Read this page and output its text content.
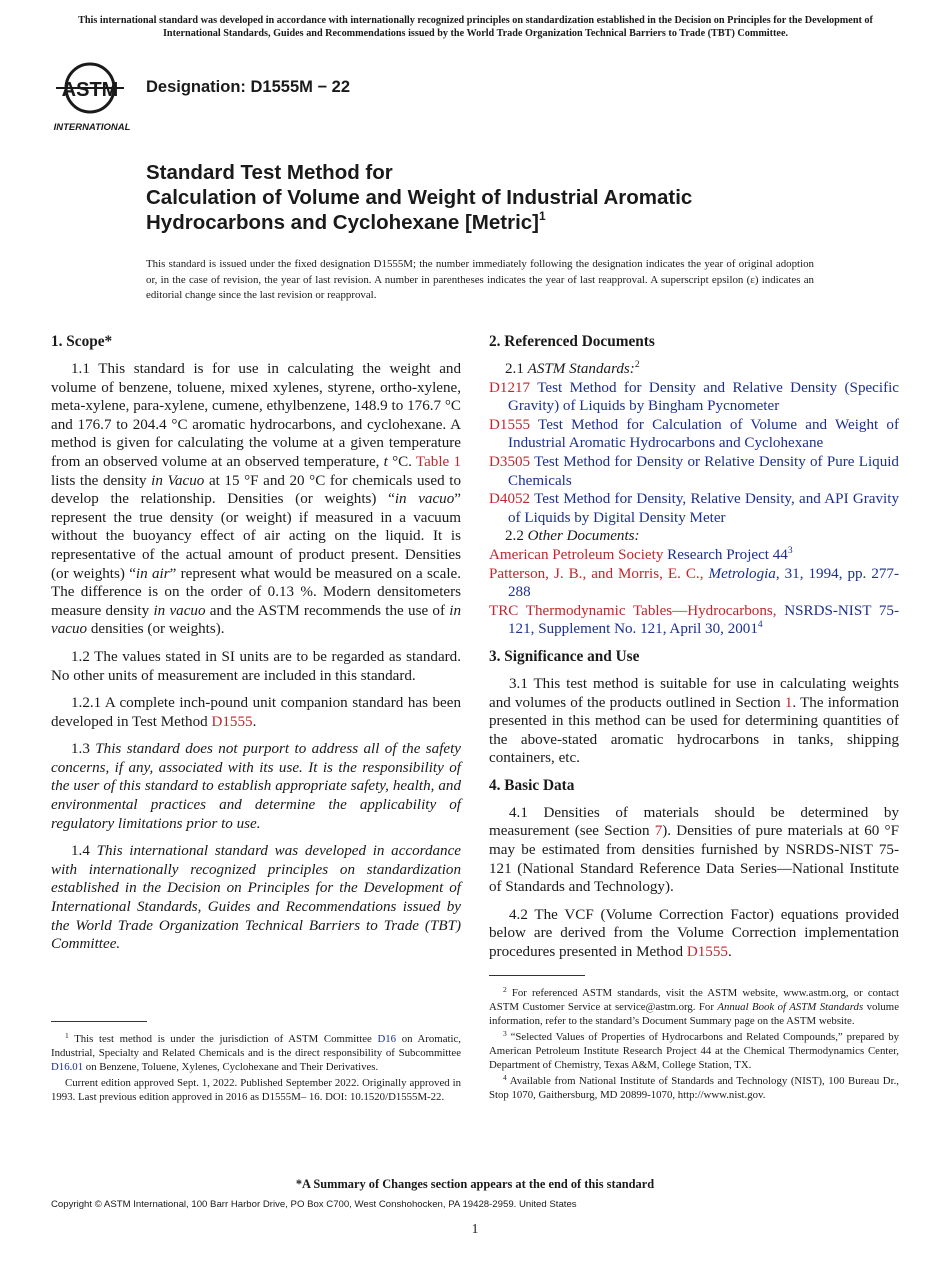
This international standard was developed in accordance with internationally recognized principles on standardization established in the Decision on Principles for the Development of International Standards, Guides and Recommendations issued by the World Trade Organization Technical Barriers to Trade (TBT) Committee.
ASTM
INTERNATIONAL
Designation: D1555M − 22
Standard Test Method for
Calculation of Volume and Weight of Industrial Aromatic
Hydrocarbons and Cyclohexane [Metric]$^1$
This standard is issued under the fixed designation D1555M; the number immediately following the designation indicates the year of original adoption or, in the case of revision, the year of last revision. A number in parentheses indicates the year of last reapproval. A superscript epsilon (ε) indicates an editorial change since the last revision or reapproval.
1. Scope*

1.1 This standard is for use in calculating the weight and volume of benzene, toluene, mixed xylenes, styrene, ortho-xylene, meta-xylene, para-xylene, cumene, ethylbenzene, 148.9 to 176.7 °C and 176.7 to 204.4 °C aromatic hydrocarbons, and cyclohexane. A method is given for calculating the volume at a given temperature from an observed volume at an observed temperature, t °C. Table 1 lists the density in Vacuo at 15 °F and 20 °C for chemicals used to develop the relationship. Densities (or weights) “in vacuo” represent the true density (or weight) if measured in a vacuum without the buoyancy effect of air acting on the liquid. It is representative of the actual amount of product present. Densities (or weights) “in air” represent what would be measured on a scale. The difference is on the order of 0.13 %. Modern densitometers measure density in vacuo and the ASTM recommends the use of in vacuo densities (or weights).

1.2 The values stated in SI units are to be regarded as standard. No other units of measurement are included in this standard.

1.2.1 A complete inch-pound unit companion standard has been developed in Test Method D1555.

1.3 This standard does not purport to address all of the safety concerns, if any, associated with its use. It is the responsibility of the user of this standard to establish appropriate safety, health, and environmental practices and determine the applicability of regulatory limitations prior to use.

1.4 This international standard was developed in accordance with internationally recognized principles on standardization established in the Decision on Principles for the Development of International Standards, Guides and Recommendations issued by the World Trade Organization Technical Barriers to Trade (TBT) Committee.

$^1$ This test method is under the jurisdiction of ASTM Committee D16 on Aromatic, Industrial, Specialty and Related Chemicals and is the direct responsibility of Subcommittee D16.01 on Benzene, Toluene, Xylenes, Cyclohexane and Their Derivatives.

Current edition approved Sept. 1, 2022. Published September 2022. Originally approved in 1993. Last previous edition approved in 2016 as D1555M– 16. DOI: 10.1520/D1555M-22.

2. Referenced Documents
2.1 ASTM Standards:$^2$
D1217 Test Method for Density and Relative Density (Specific Gravity) of Liquids by Bingham Pycnometer
D1555 Test Method for Calculation of Volume and Weight of Industrial Aromatic Hydrocarbons and Cyclohexane
D3505 Test Method for Density or Relative Density of Pure Liquid Chemicals
D4052 Test Method for Density, Relative Density, and API Gravity of Liquids by Digital Density Meter
2.2 Other Documents:
American Petroleum Society Research Project $44^3$
Patterson, J. B., and Morris, E. C., Metrologia, 31, 1994, pp. 277-288
TRC Thermodynamic Tables—Hydrocarbons, NSRDS-NIST 75-121, Supplement No. 121, April 30, 2001$^4$
3. Significance and Use

3.1 This test method is suitable for use in calculating weights and volumes of the products outlined in Section 1. The information presented in this method can be used for determining quantities of the above-stated aromatic hydrocarbons in tanks, shipping containers, etc.

4. Basic Data

4.1 Densities of materials should be determined by measurement (see Section 7). Densities of pure materials at 60 °F may be estimated from densities furnished by NSRDS-NIST 75-121 (National Standard Reference Data Series—National Institute of Standards and Technology).

4.2 The VCF (Volume Correction Factor) equations provided below are derived from the Volume Correction implementation procedures presented in Method D1555.

$^2$ For referenced ASTM standards, visit the ASTM website, www.astm.org, or contact ASTM Customer Service at service@astm.org. For Annual Book of ASTM Standards volume information, refer to the standard’s Document Summary page on the ASTM website.

$^3$ “Selected Values of Properties of Hydrocarbons and Related Compounds,” prepared by American Petroleum Institute Research Project 44 at the Chemical Thermodynamics Center, Department of Chemistry, Texas A&M, College Station, TX.

$^4$ Available from National Institute of Standards and Technology (NIST), 100 Bureau Dr., Stop 1070, Gaithersburg, MD 20899-1070, http://www.nist.gov.

*A Summary of Changes section appears at the end of this standard
Copyright © ASTM International, 100 Barr Harbor Drive, PO Box C700, West Conshohocken, PA 19428-2959. United States
1
